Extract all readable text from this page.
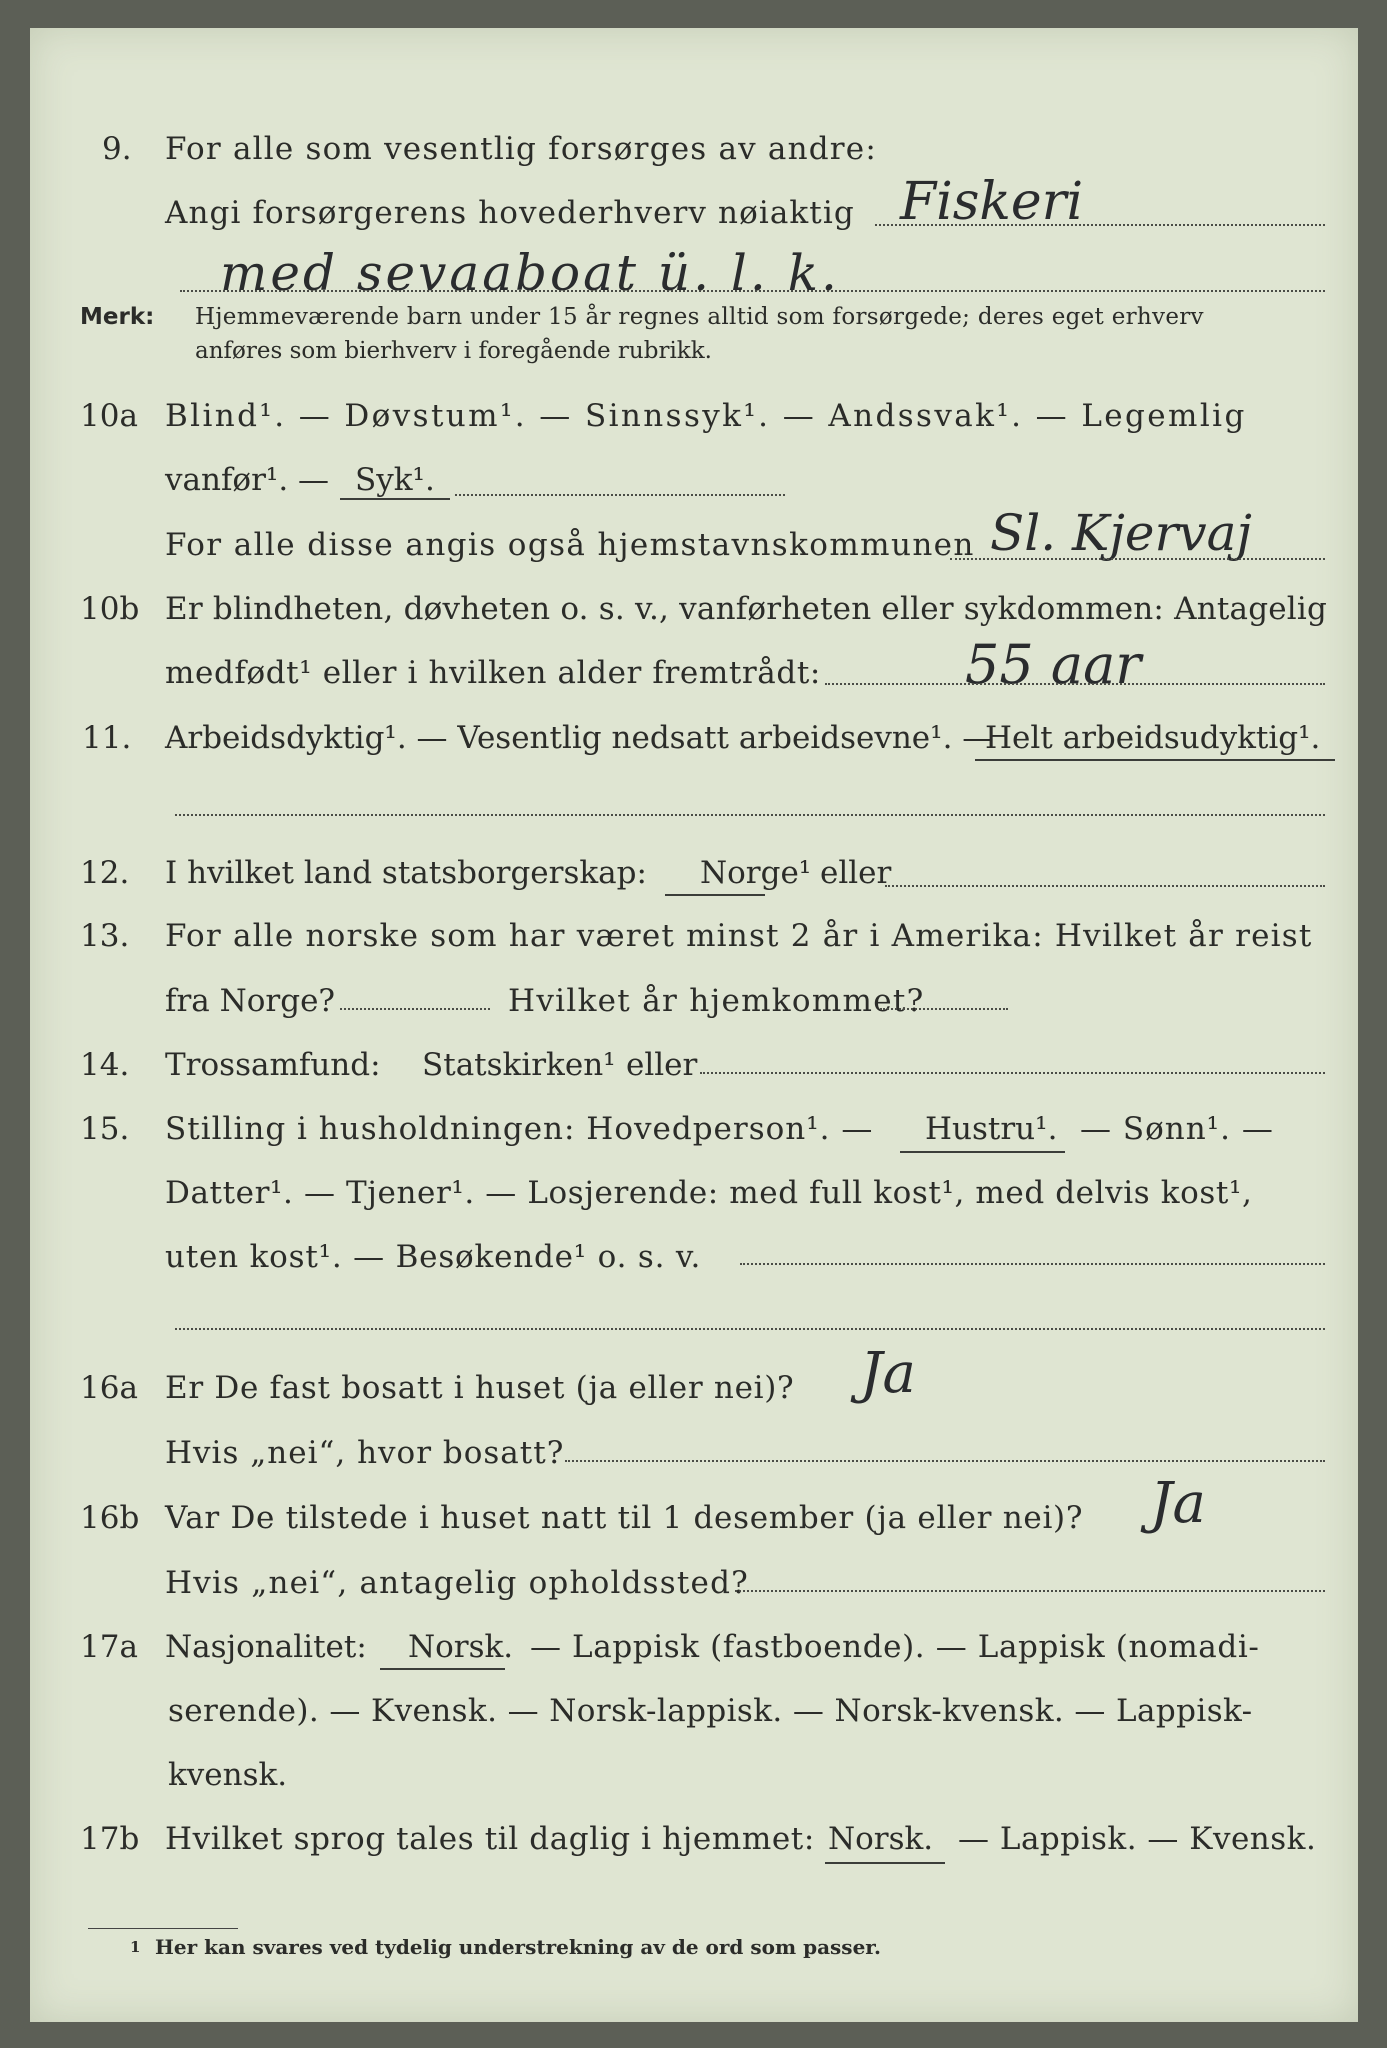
9. For alle som vesentlig forsørges av andre:
Angi forsørgerens hovederhverv nøiaktig Fiskeri
med sevaaboat ü. l. k.
Merk: Hjemmeværende barn under 15 år regnes alltid som forsørgede; deres eget erhverv
anføres som bierhverv i foregående rubrikk.
10a Blind¹. — Døvstum¹. — Sinnssyk¹. — Andssvak¹. — Legemlig
vanfør¹. — Syk¹.
For alle disse angis også hjemstavnskommunen Sl. Kjervaj
10b Er blindheten, døvheten o. s. v., vanførheten eller sykdommen: Antagelig
medfødt¹ eller i hvilken alder fremtrådt:	55 aar
11. Arbeidsdyktig¹. — Vesentlig nedsatt arbeidsevne¹. —
Helt arbeidsudyktig¹.
12. I hvilket land statsborgerskap: Norge¹ eller
13. For alle norske som har været minst 2 år i Amerika: Hvilket år reist
fra Norge?	Hvilket år hjemkommet?
14. Trossamfund: Statskirken¹ eller
15. Stilling i husholdningen: Hovedperson¹. — Hustru¹. — Sønn¹. —
Datter¹. — Tjener¹. — Losjerende: med full kost¹, med delvis kost¹,
uten kost¹. — Besøkende¹ o. s. v.
16a Er De fast bosatt i huset (ja eller nei)? Ja
Hvis „nei“, hvor bosatt?
16b Var De tilstede i huset natt til 1 desember (ja eller nei)? Ja
Hvis „nei“, antagelig opholdssted?
17a Nasjonalitet: Norsk. — Lappisk (fastboende). — Lappisk (nomadi-
serende). — Kvensk. — Norsk-lappisk. — Norsk-kvensk. — Lappisk-
kvensk.
17b Hvilket sprog tales til daglig i hjemmet: Norsk. — Lappisk. — Kvensk.
1 Her kan svares ved tydelig understrekning av de ord som passer.
